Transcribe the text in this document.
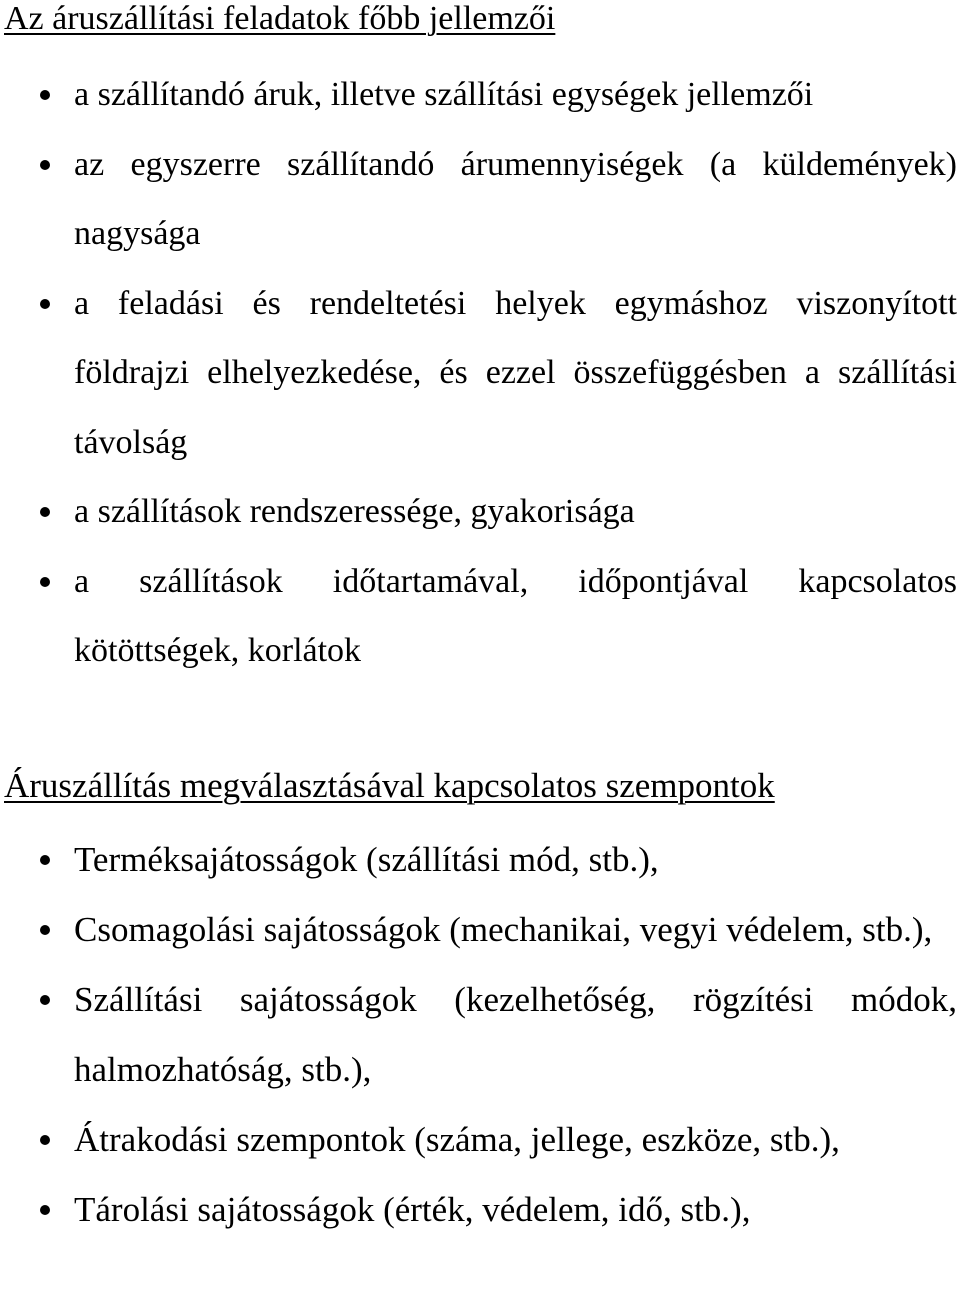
Az áruszállítási feladatok főbb jellemzői
a szállítandó áruk, illetve szállítási egységek jellemzői
az egyszerre szállítandó árumennyiségek (a küldemények) nagysága
a feladási és rendeltetési helyek egymáshoz viszonyított földrajzi elhelyezkedése, és ezzel összefüggésben a szállítási távolság
a szállítások rendszeressége, gyakorisága
a szállítások időtartamával, időpontjával kapcsolatos kötöttségek, korlátok
Áruszállítás megválasztásával kapcsolatos szempontok
Terméksajátosságok (szállítási mód, stb.),
Csomagolási sajátosságok (mechanikai, vegyi védelem, stb.),
Szállítási sajátosságok (kezelhetőség, rögzítési módok, halmozhatóság, stb.),
Átrakodási szempontok (száma, jellege, eszköze, stb.),
Tárolási sajátosságok (érték, védelem, idő, stb.),
